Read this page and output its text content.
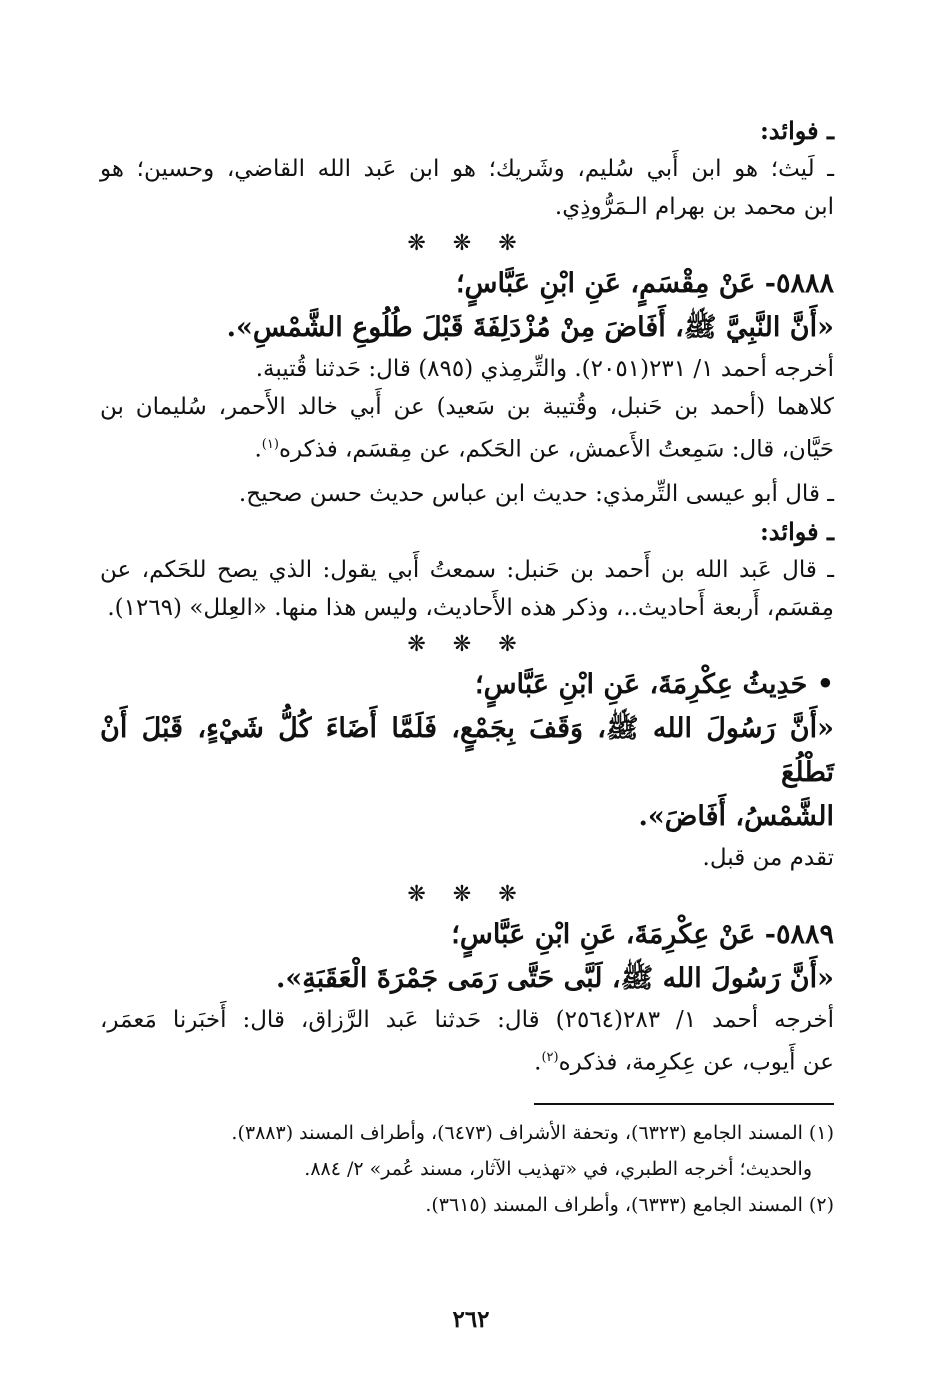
ـ فوائد:

ـ لَيث؛ هو ابن أَبي سُليم، وشَريك؛ هو ابن عَبد الله القاضي، وحسين؛ هو

ابن محمد بن بهرام الـمَرُّوذِي.

❋ ❋ ❋

٥٨٨٨- عَنْ مِقْسَمٍ، عَنِ ابْنِ عَبَّاسٍ؛

«أَنَّ النَّبِيَّ ﷺ، أَفَاضَ مِنْ مُزْدَلِفَةَ قَبْلَ طُلُوعِ الشَّمْسِ».

أخرجه أحمد ١/ ٢٣١(٢٠٥١). والتِّرمِذي (٨٩٥) قال: حَدثنا قُتيبة.

كلاهما (أحمد بن حَنبل، وقُتيبة بن سَعيد) عن أَبي خالد الأَحمر، سُليمان بن

حَيَّان، قال: سَمِعتُ الأَعمش، عن الحَكم، عن مِقسَم، فذكره$^{(١)}$.

ـ قال أبو عيسى التِّرمذي: حديث ابن عباس حديث حسن صحيح.

ـ فوائد:

ـ قال عَبد الله بن أَحمد بن حَنبل: سمعتُ أَبي يقول: الذي يصح للحَكم، عن

مِقسَم، أَربعة أَحاديث..، وذكر هذه الأَحاديث، وليس هذا منها. «العِلل» (١٢٦٩).

❋ ❋ ❋

• حَدِيثُ عِكْرِمَةَ، عَنِ ابْنِ عَبَّاسٍ؛

«أَنَّ رَسُولَ الله ﷺ، وَقَفَ بِجَمْعٍ، فَلَمَّا أَضَاءَ كُلُّ شَيْءٍ، قَبْلَ أَنْ تَطْلُعَ

الشَّمْسُ، أَفَاضَ».

تقدم من قبل.

❋ ❋ ❋

٥٨٨٩- عَنْ عِكْرِمَةَ، عَنِ ابْنِ عَبَّاسٍ؛

«أَنَّ رَسُولَ الله ﷺ، لَبَّى حَتَّى رَمَى جَمْرَةَ الْعَقَبَةِ».

أخرجه أحمد ١/ ٢٨٣(٢٥٦٤) قال: حَدثنا عَبد الرَّزاق، قال: أَخبَرنا مَعمَر،

عن أَيوب، عن عِكرِمة، فذكره$^{(٢)}$.

(١) المسند الجامع (٦٣٢٣)، وتحفة الأشراف (٦٤٧٣)، وأطراف المسند (٣٨٨٣).

والحديث؛ أخرجه الطبري، في «تهذيب الآثار، مسند عُمر» ٢/ ٨٨٤.

(٢) المسند الجامع (٦٣٣٣)، وأطراف المسند (٣٦١٥).

٢٦٢
